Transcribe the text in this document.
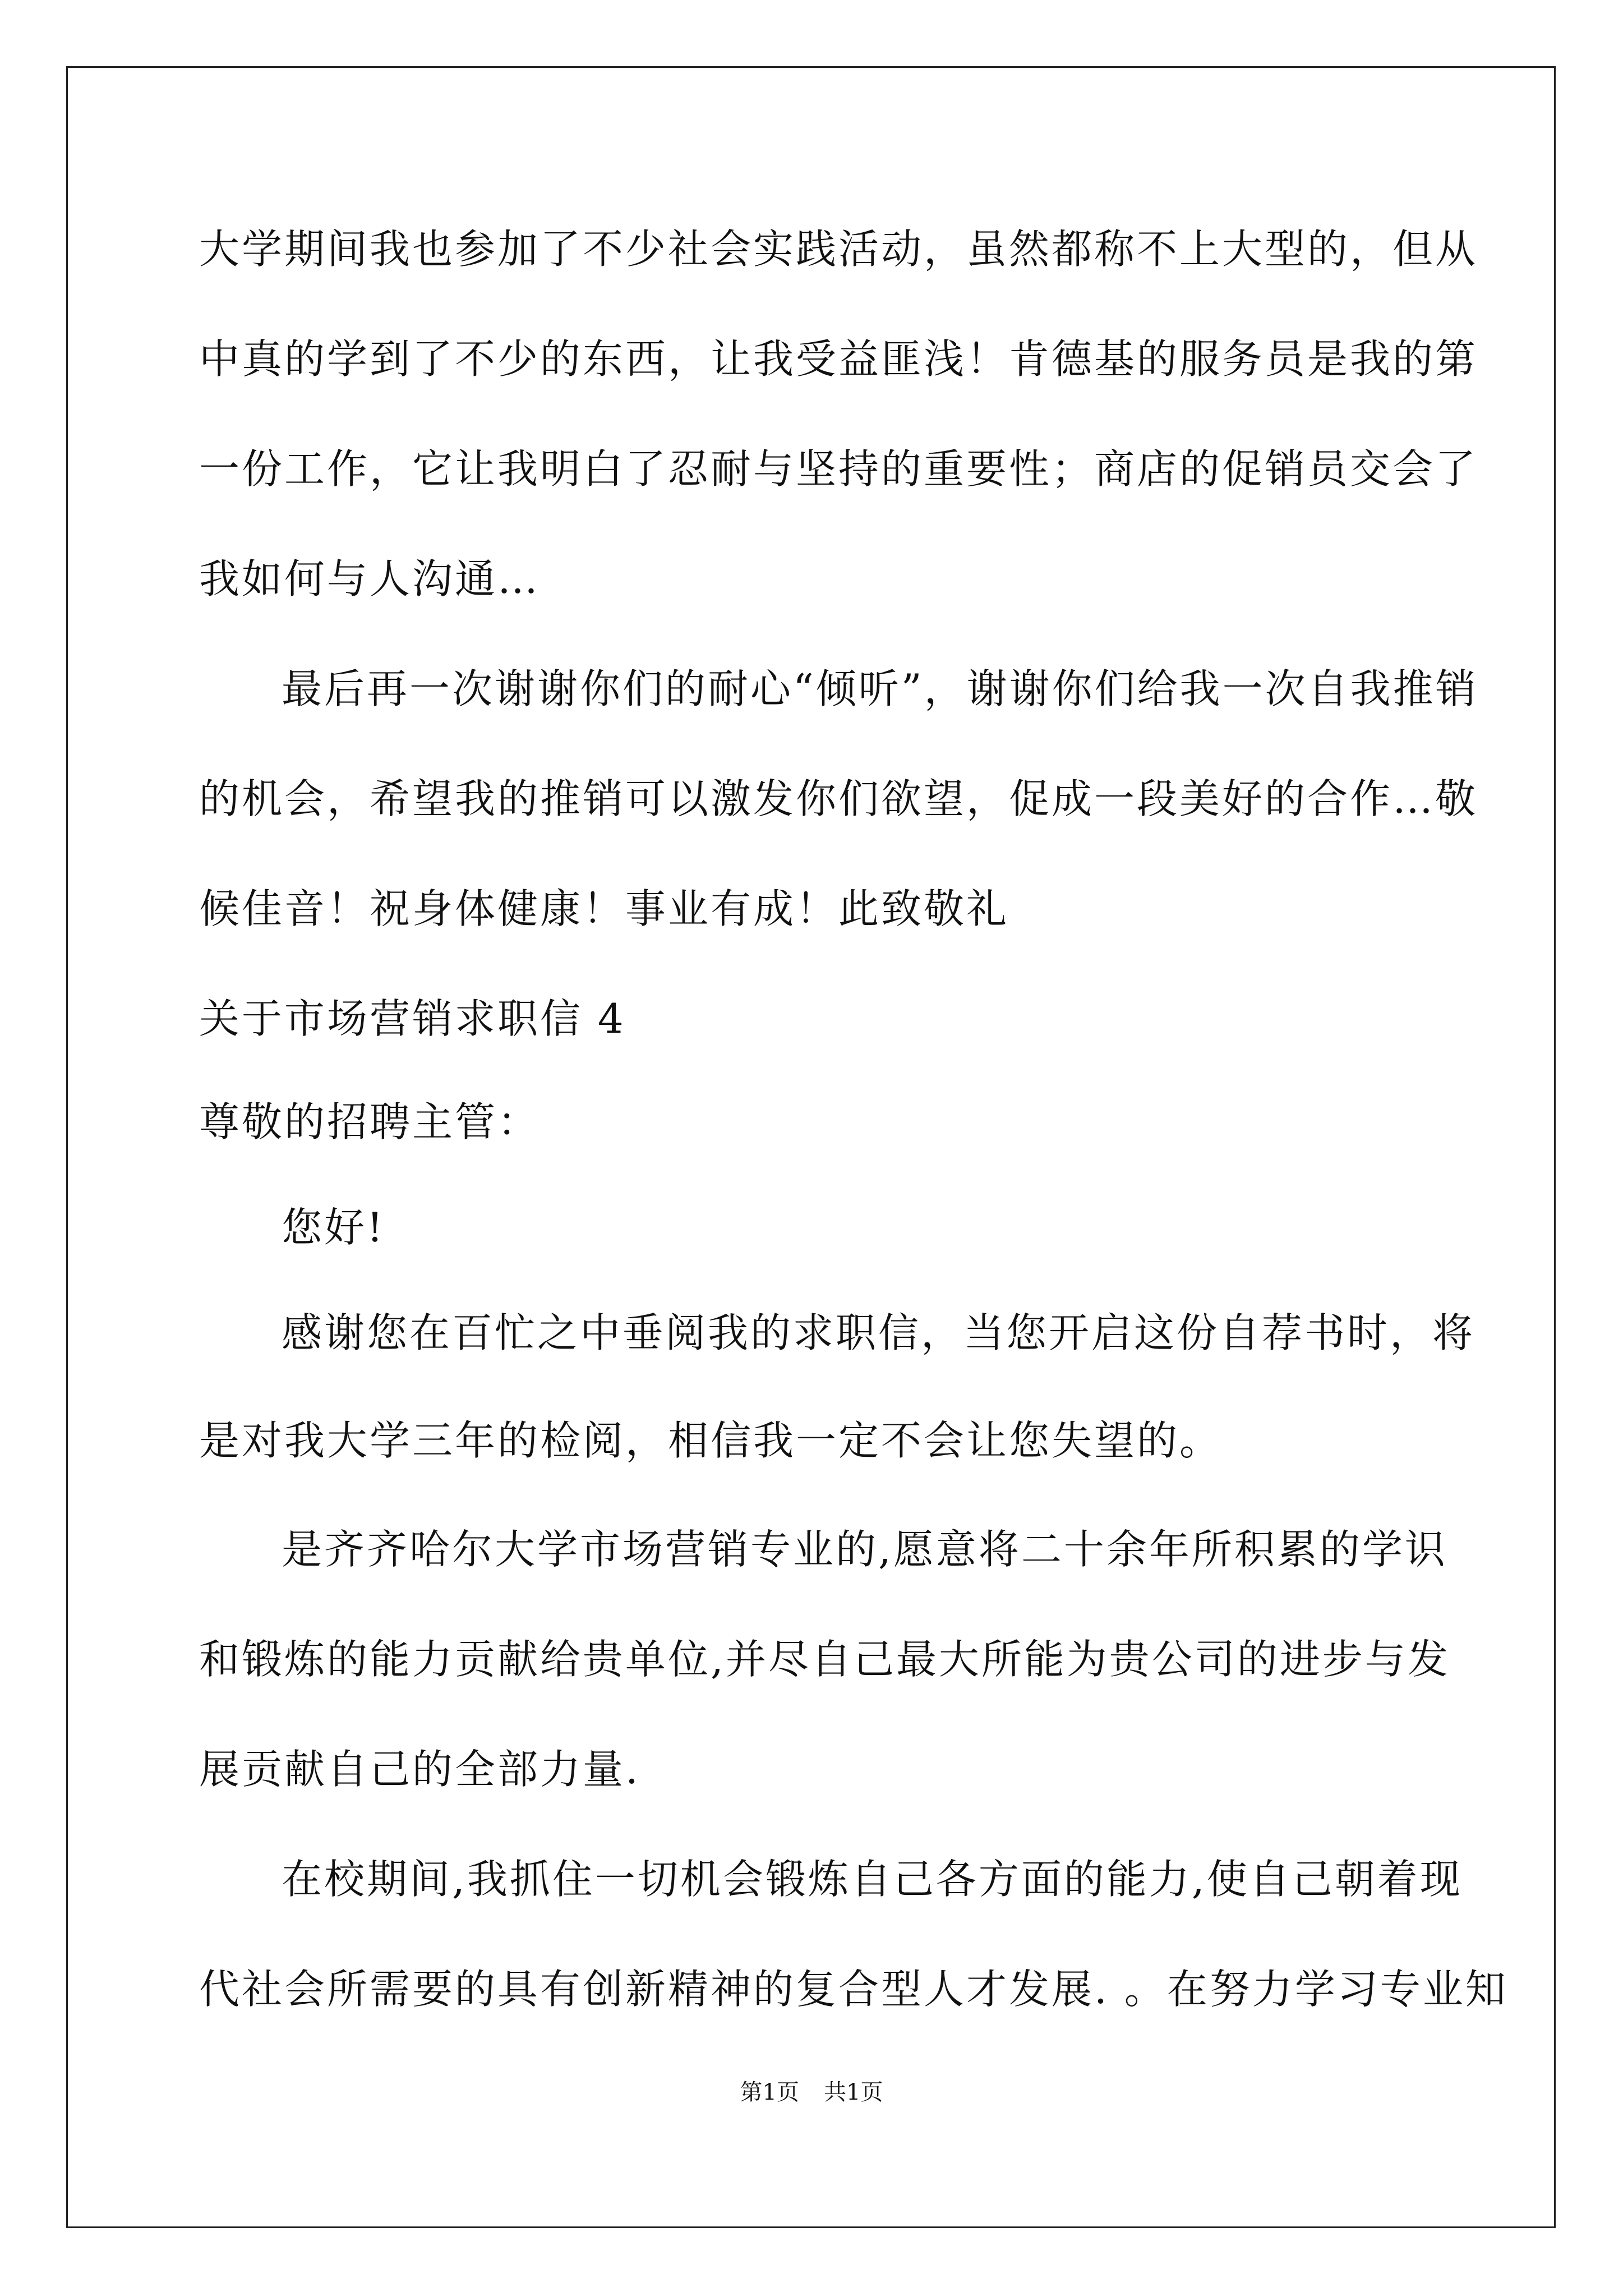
大学期间我也参加了不少社会实践活动，虽然都称不上大型的，但从
中真的学到了不少的东西，让我受益匪浅！肯德基的服务员是我的第
一份工作，它让我明白了忍耐与坚持的重要性；商店的促销员交会了
我如何与人沟通…
最后再一次谢谢你们的耐心“倾听”，谢谢你们给我一次自我推销
的机会，希望我的推销可以激发你们欲望，促成一段美好的合作…敬
候佳音！祝身体健康！事业有成！此致敬礼
关于市场营销求职信 4
尊敬的招聘主管：
您好!
感谢您在百忙之中垂阅我的求职信，当您开启这份自荐书时，将
是对我大学三年的检阅，相信我一定不会让您失望的。
是齐齐哈尔大学市场营销专业的,愿意将二十余年所积累的学识
和锻炼的能力贡献给贵单位,并尽自己最大所能为贵公司的进步与发
展贡献自己的全部力量.
在校期间,我抓住一切机会锻炼自己各方面的能力,使自己朝着现
代社会所需要的具有创新精神的复合型人才发展. 。在努力学习专业知
第1页 共1页
